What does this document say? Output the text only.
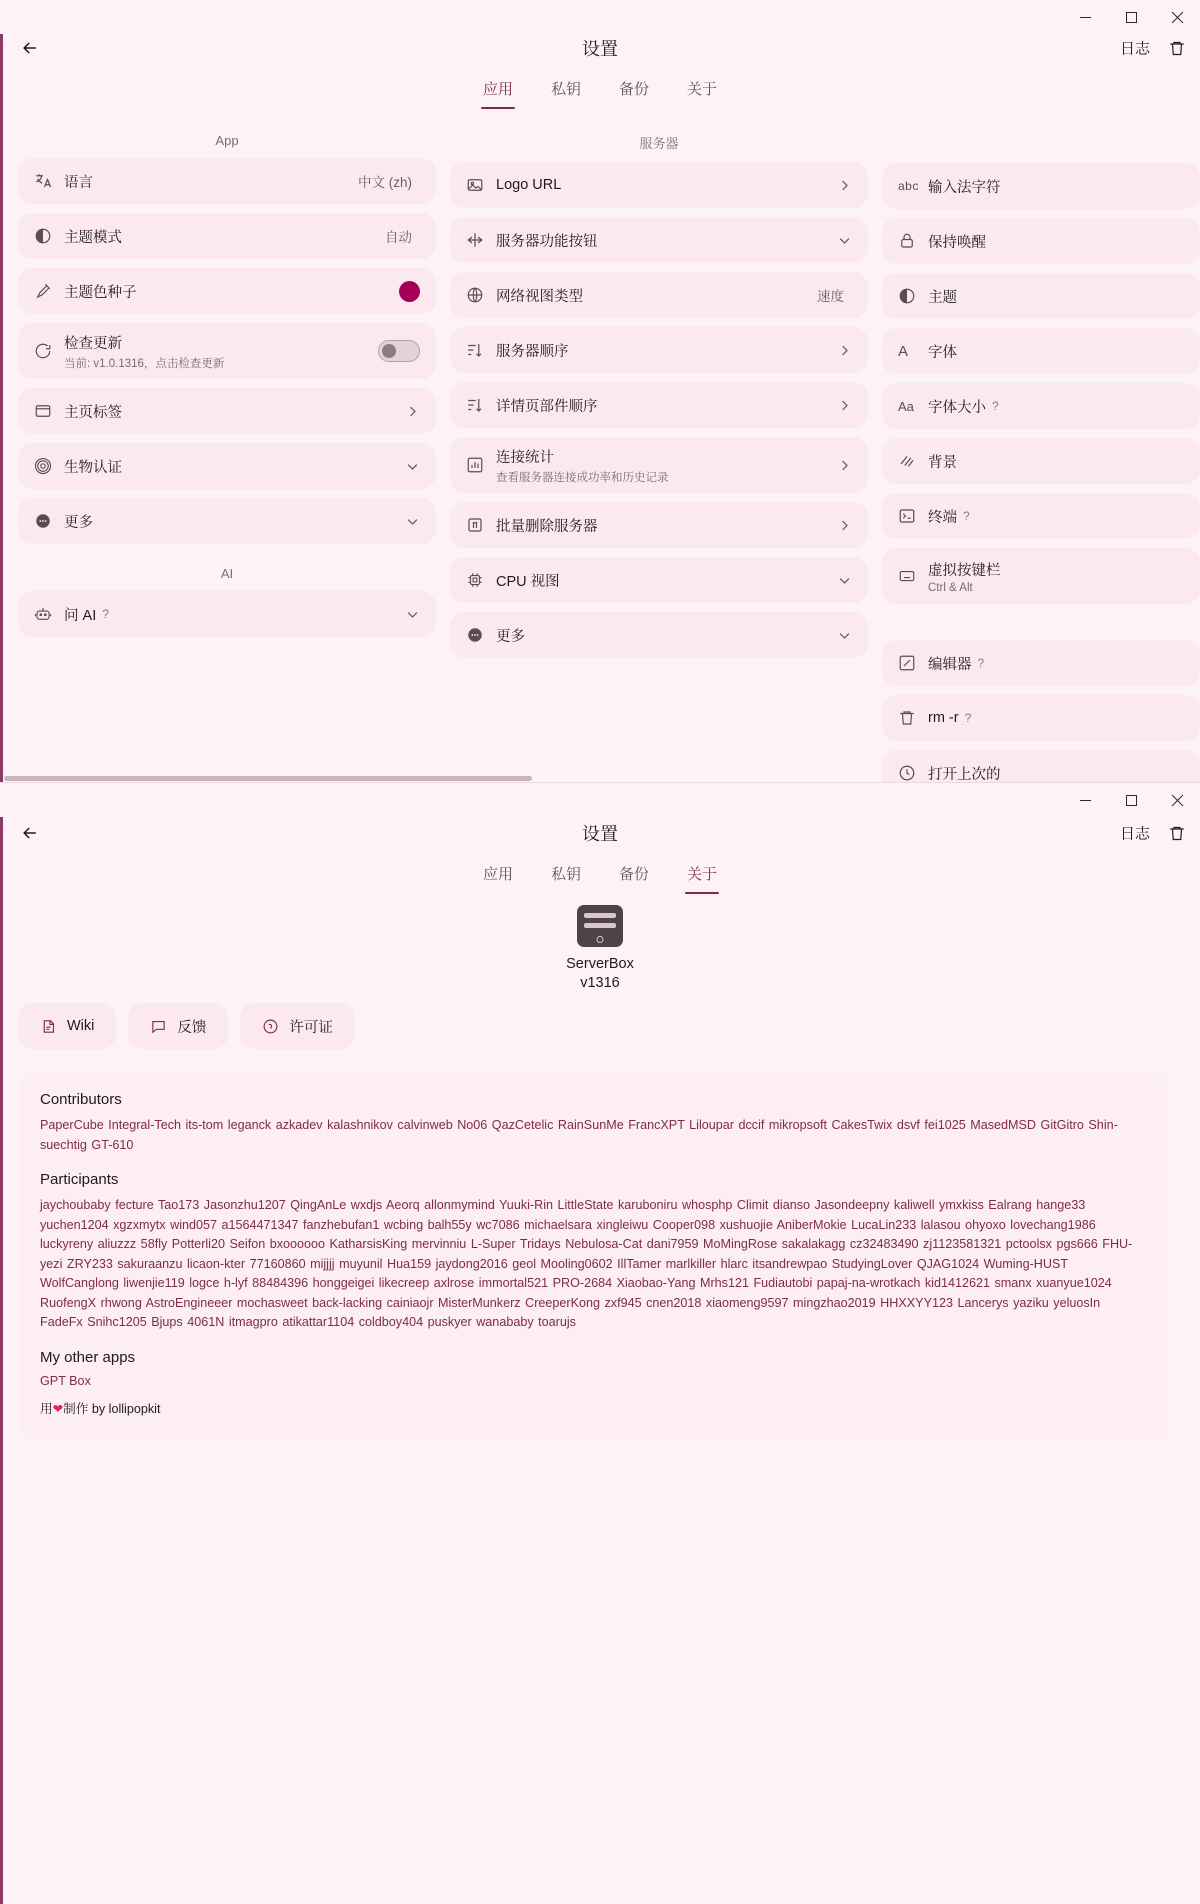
设置	日志
应用	私钥	备份	关于
App
语言	中文 (zh)
主题模式	自动
主题色种子
检查更新
当前: v1.0.1316，点击检查更新
主页标签
生物认证
更多
AI
问 AI ?
服务器
Logo URL
服务器功能按钮
网络视图类型	速度
服务器顺序
详情页部件顺序
连接统计
查看服务器连接成功率和历史记录
批量删除服务器
CPU 视图
更多
abc 输入法字符
保持唤醒
主题
A 字体
Aa 字体大小 ?
背景
终端 ?
虚拟按键栏
Ctrl & Alt
编辑器 ?
rm -r ?
打开上次的
设置	日志
应用	私钥	备份	关于
ServerBox
v1316
Wiki	反馈	许可证
Contributors
PaperCube Integral-Tech its-tom leganck azkadev kalashnikov calvinweb No06 QazCetelic RainSunMe FrancXPT Liloupar dccif mikropsoft CakesTwix dsvf fei1025 MasedMSD GitGitro Shin-suechtig GT-610
Participants
jaychoubaby fecture Tao173 Jasonzhu1207 QingAnLe wxdjs Aeorq allonmymind Yuuki-Rin LittleState karuboniru whosphp Climit dianso Jasondeepny kaliwell ymxkiss Ealrang hange33 yuchen1204 xgzxmytx wind057 a1564471347 fanzhebufan1 wcbing balh55y wc7086 michaelsara xingleiwu Cooper098 xushuojie AniberMokie LucaLin233 lalasou ohyoxo lovechang1986 luckyreny aliuzzz 58fly Potterli20 Seifon bxoooooo KatharsisKing mervinniu L-Super Tridays Nebulosa-Cat dani7959 MoMingRose sakalakagg cz32483490 zj1123581321 pctoolsx pgs666 FHU-yezi ZRY233 sakuraanzu licaon-kter 77160860 mijjjj muyunil Hua159 jaydong2016 geol Mooling0602 IllTamer marlkiller hlarc itsandrewpao StudyingLover QJAG1024 Wuming-HUST WolfCanglong liwenjie119 logce h-lyf 88484396 honggeigei likecreep axlrose immortal521 PRO-2684 Xiaobao-Yang Mrhs121 Fudiautobi papaj-na-wrotkach kid1412621 smanx xuanyue1024 RuofengX rhwong AstroEngineeer mochasweet back-lacking cainiaojr MisterMunkerz CreeperKong zxf945 cnen2018 xiaomeng9597 mingzhao2019 HHXXYY123 Lancerys yaziku yeluosIn FadeFx Snihc1205 Bjups 4061N itmagpro atikattar1104 coldboy404 puskyer wanababy toarujs
My other apps
GPT Box
用❤制作 by lollipopkit
